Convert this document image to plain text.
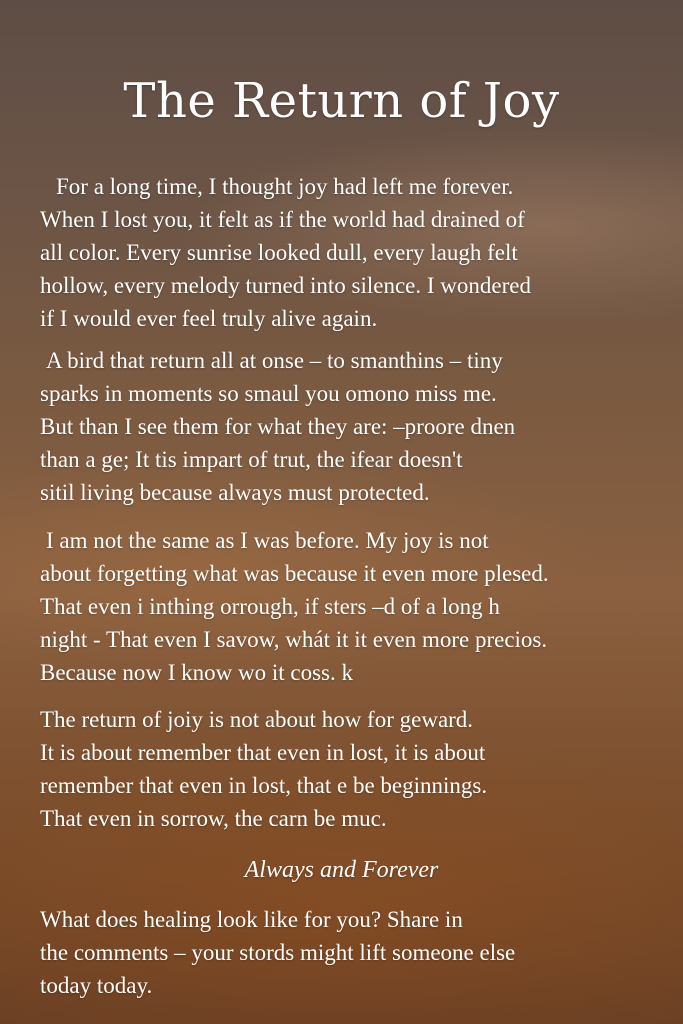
The Return of Joy

For a long time, I thought joy had left me forever.
When I lost you, it felt as if the world had drained of
all color. Every sunrise looked dull, every laugh felt
hollow, every melody turned into silence. I wondered
if I would ever feel truly alive again.

A bird that return all at onse – to smanthins – tiny
sparks in moments so smaul you omono miss me.
But than I see them for what they are: –proore dnen
than a ge; It tis impart of trut, the ifear doesn't
sitil living because always must protected.

I am not the same as I was before. My joy is not
about forgetting what was because it even more plesed.
That even i inthing orrough, if sters –d of a long h
night - That even I savow, whát it it even more precios.
Because now I know wo it coss. k

The return of joiy is not about how for geward.
It is about remember that even in lost, it is about
remember that even in lost, that e be beginnings.
That even in sorrow, the carn be muc.

Always and Forever

What does healing look like for you? Share in
the comments – your stords might lift someone else
today today.
